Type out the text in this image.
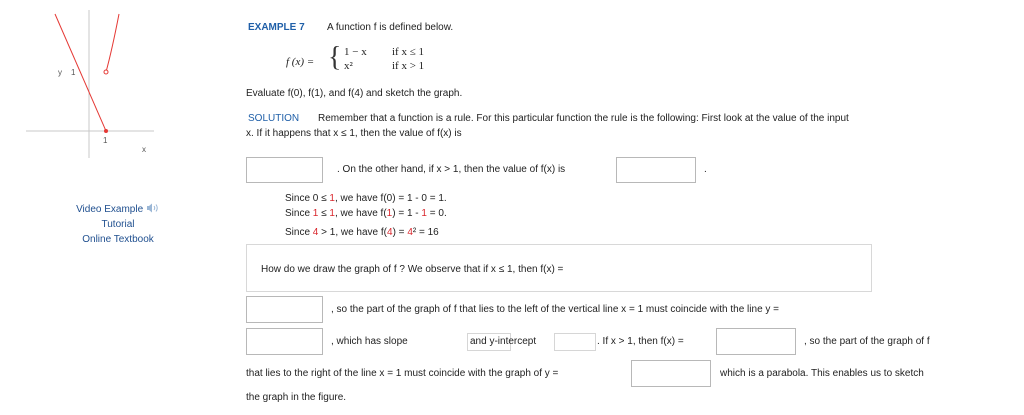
y 1
1
x
Video Example
Tutorial
Online Textbook
EXAMPLE 7 A function f is defined below.
f (x) = { 1 − x if x ≤ 1
x²	if x > 1
Evaluate f(0), f(1), and f(4) and sketch the graph.
SOLUTION Remember that a function is a rule. For this particular function the rule is the following: First look at the value of the input
x. If it happens that x ≤ 1, then the value of f(x) is
. On the other hand, if x > 1, then the value of f(x) is	.
Since 0 ≤ 1, we have f(0) = 1 - 0 = 1.
Since 1 ≤ 1, we have f(1) = 1 - 1 = 0.
Since 4 > 1, we have f(4) = 4² = 16
How do we draw the graph of f ? We observe that if x ≤ 1, then f(x) =
, so the part of the graph of f that lies to the left of the vertical line x = 1 must coincide with the line y =
, which has slope	and y-intercept	. If x > 1, then f(x) =	, so the part of the graph of f
that lies to the right of the line x = 1 must coincide with the graph of y =	which is a parabola. This enables us to sketch
the graph in the figure.
